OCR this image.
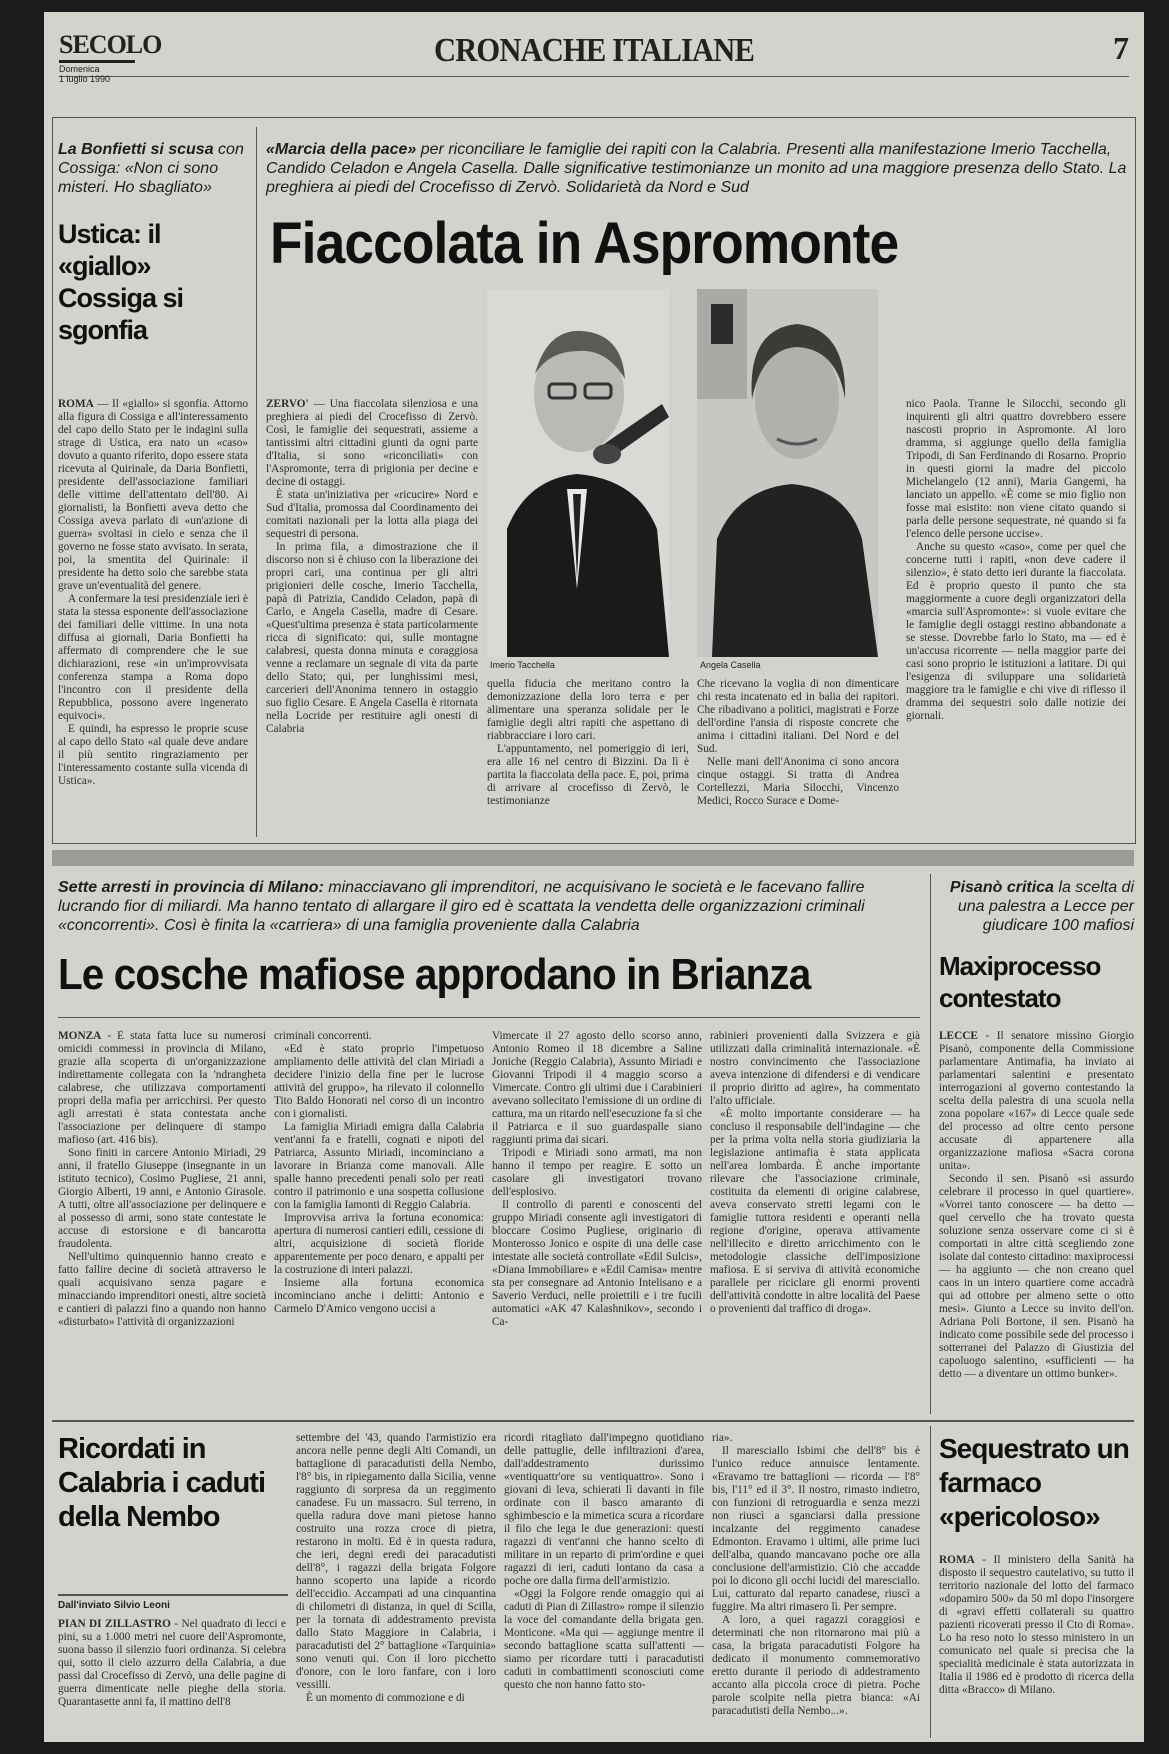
SECOLO
Domenica
1 luglio 1990
CRONACHE ITALIANE	7
La Bonfietti si scusa con Cossiga: «Non ci sono misteri. Ho sbagliato»
Ustica: il «giallo» Cossiga si sgonfia

ROMA — Il «giallo» si sgonfia. Attorno alla figura di Cossiga e all'interessamento del capo dello Stato per le indagini sulla strage di Ustica, era nato un «caso» dovuto a quanto riferito, dopo essere stata ricevuta al Quirinale, da Daria Bonfietti, presidente dell'associazione familiari delle vittime dell'attentato dell'80. Ai giornalisti, la Bonfietti aveva detto che Cossiga aveva parlato di «un'azione di guerra» svoltasi in cielo e senza che il governo ne fosse stato avvisato. In serata, poi, la smentita del Quirinale: il presidente ha detto solo che sarebbe stata grave un'eventualità del genere.

A confermare la tesi presidenziale ieri è stata la stessa esponente dell'associazione dei familiari delle vittime. In una nota diffusa ai giornali, Daria Bonfietti ha affermato di comprendere che le sue dichiarazioni, rese «in un'improvvisata conferenza stampa a Roma dopo l'incontro con il presidente della Repubblica, possono avere ingenerato equivoci».

E quindi, ha espresso le proprie scuse al capo dello Stato «al quale deve andare il più sentito ringraziamento per l'interessamento costante sulla vicenda di Ustica».

«Marcia della pace» per riconciliare le famiglie dei rapiti con la Calabria. Presenti alla manifestazione Imerio Tacchella, Candido Celadon e Angela Casella. Dalle significative testimonianze un monito ad una maggiore presenza dello Stato. La preghiera ai piedi del Crocefisso di Zervò. Solidarietà da Nord e Sud
Fiaccolata in Aspromonte
Imerio Tacchella	Angela Casella

ZERVO' — Una fiaccolata silenziosa e una preghiera ai piedi del Crocefisso di Zervò. Così, le famiglie dei sequestrati, assieme a tantissimi altri cittadini giunti da ogni parte d'Italia, si sono «riconciliati» con l'Aspromonte, terra di prigionia per decine e decine di ostaggi.

È stata un'iniziativa per «ricucire» Nord e Sud d'Italia, promossa dal Coordinamento dei comitati nazionali per la lotta alla piaga dei sequestri di persona.

In prima fila, a dimostrazione che il discorso non si è chiuso con la liberazione dei propri cari, una continua per gli altri prigionieri delle cosche, Imerio Tacchella, papà di Patrizia, Candido Celadon, papà di Carlo, e Angela Casella, madre di Cesare. «Quest'ultima presenza è stata particolarmente ricca di significato: qui, sulle montagne calabresi, questa donna minuta e coraggiosa venne a reclamare un segnale di vita da parte dello Stato; qui, per lunghissimi mesi, carcerieri dell'Anonima tennero in ostaggio suo figlio Cesare. E Angela Casella è ritornata nella Locride per restituire agli onesti di Calabria

quella fiducia che meritano contro la demonizzazione della loro terra e per alimentare una speranza solidale per le famiglie degli altri rapiti che aspettano di riabbracciare i loro cari.

L'appuntamento, nel pomeriggio di ieri, era alle 16 nel centro di Bizzini. Da lì è partita la fiaccolata della pace. E, poi, prima di arrivare al crocefisso di Zervò, le testimonianze

Che ricevano la voglia di non dimenticare chi resta incatenato ed in balia dei rapitori. Che ribadivano a politici, magistrati e Forze dell'ordine l'ansia di risposte concrete che anima i cittadini italiani. Del Nord e del Sud.

Nelle mani dell'Anonima ci sono ancora cinque ostaggi. Si tratta di Andrea Cortellezzi, Maria Silocchi, Vincenzo Medici, Rocco Surace e Dome-

nico Paola. Tranne le Silocchi, secondo gli inquirenti gli altri quattro dovrebbero essere nascosti proprio in Aspromonte. Al loro dramma, si aggiunge quello della famiglia Tripodi, di San Ferdinando di Rosarno. Proprio in questi giorni la madre del piccolo Michelangelo (12 anni), Maria Gangemi, ha lanciato un appello. «È come se mio figlio non fosse mai esistito: non viene citato quando si parla delle persone sequestrate, né quando si fa l'elenco delle persone uccise».

Anche su questo «caso», come per quel che concerne tutti i rapiti, «non deve cadere il silenzio», è stato detto ieri durante la fiaccolata. Ed è proprio questo il punto che sta maggiormente a cuore degli organizzatori della «marcia sull'Aspromonte»: si vuole evitare che le famiglie degli ostaggi restino abbandonate a se stesse. Dovrebbe farlo lo Stato, ma — ed è un'accusa ricorrente — nella maggior parte dei casi sono proprio le istituzioni a latitare. Di qui l'esigenza di sviluppare una solidarietà maggiore tra le famiglie e chi vive di riflesso il dramma dei sequestri solo dalle notizie dei giornali.

Sette arresti in provincia di Milano: minacciavano gli imprenditori, ne acquisivano le società e le facevano fallire lucrando fior di miliardi. Ma hanno tentato di allargare il giro ed è scattata la vendetta delle organizzazioni criminali «concorrenti». Così è finita la «carriera» di una famiglia proveniente dalla Calabria
Le cosche mafiose approdano in Brianza

MONZA - È stata fatta luce su numerosi omicidi commessi in provincia di Milano, grazie alla scoperta di un'organizzazione indirettamente collegata con la 'ndrangheta calabrese, che utilizzava comportamenti propri della mafia per arricchirsi. Per questo agli arrestati è stata contestata anche l'associazione per delinquere di stampo mafioso (art. 416 bis).

Sono finiti in carcere Antonio Miriadi, 29 anni, il fratello Giuseppe (insegnante in un istituto tecnico), Cosimo Pugliese, 21 anni, Giorgio Alberti, 19 anni, e Antonio Girasole. A tutti, oltre all'associazione per delinquere e al possesso di armi, sono state contestate le accuse di estorsione e di bancarotta fraudolenta.

Nell'ultimo quinquennio hanno creato e fatto fallire decine di società attraverso le quali acquisivano senza pagare e minacciando imprenditori onesti, altre società e cantieri di palazzi fino a quando non hanno «disturbato» l'attività di organizzazioni

criminali concorrenti.

«Ed è stato proprio l'impetuoso ampliamento delle attività del clan Miriadi a decidere l'inizio della fine per le lucrose attività del gruppo», ha rilevato il colonnello Tito Baldo Honorati nel corso di un incontro con i giornalisti.

La famiglia Miriadi emigra dalla Calabria vent'anni fa e fratelli, cognati e nipoti del Patriarca, Assunto Miriadi, incominciano a lavorare in Brianza come manovali. Alle spalle hanno precedenti penali solo per reati contro il patrimonio e una sospetta collusione con la famiglia Iamonti di Reggio Calabria.

Improvvisa arriva la fortuna economica: apertura di numerosi cantieri edili, cessione di altri, acquisizione di società floride apparentemente per poco denaro, e appalti per la costruzione di interi palazzi.

Insieme alla fortuna economica incominciano anche i delitti: Antonio e Carmelo D'Amico vengono uccisi a

Vimercate il 27 agosto dello scorso anno, Antonio Romeo il 18 dicembre a Saline Joniche (Reggio Calabria), Assunto Miriadi e Giovanni Tripodi il 4 maggio scorso a Vimercate. Contro gli ultimi due i Carabinieri avevano sollecitato l'emissione di un ordine di cattura, ma un ritardo nell'esecuzione fa sì che il Patriarca e il suo guardaspalle siano raggiunti prima dai sicari.

Tripodi e Miriadi sono armati, ma non hanno il tempo per reagire. E sotto un casolare gli investigatori trovano dell'esplosivo.

Il controllo di parenti e conoscenti del gruppo Miriadi consente agli investigatori di bloccare Cosimo Pugliese, originario di Monterosso Jonico e ospite di una delle case intestate alle società controllate «Edil Sulcis», «Diana Immobiliare» e «Edil Camisa» mentre sta per consegnare ad Antonio Intelisano e a Saverio Verduci, nelle proiettili e i tre fucili automatici «AK 47 Kalashnikov», secondo i Ca-

rabinieri provenienti dalla Svizzera e già utilizzati dalla criminalità internazionale. «È nostro convincimento che l'associazione aveva intenzione di difendersi e di vendicare il proprio diritto ad agire», ha commentato l'alto ufficiale.

«È molto importante considerare — ha concluso il responsabile dell'indagine — che per la prima volta nella storia giudiziaria la legislazione antimafia è stata applicata nell'area lombarda. È anche importante rilevare che l'associazione criminale, costituita da elementi di origine calabrese, aveva conservato stretti legami con le famiglie tuttora residenti e operanti nella regione d'origine, operava attivamente nell'illecito e diretto arricchimento con le metodologie classiche dell'imposizione mafiosa. E si serviva di attività economiche parallele per riciclare gli enormi proventi dell'attività condotte in altre località del Paese o provenienti dal traffico di droga».

Pisanò critica la scelta di una palestra a Lecce per giudicare 100 mafiosi
Maxiprocesso contestato

LECCE - Il senatore missino Giorgio Pisanò, componente della Commissione parlamentare Antimafia, ha inviato ai parlamentari salentini e presentato interrogazioni al governo contestando la scelta della palestra di una scuola nella zona popolare «167» di Lecce quale sede del processo ad oltre cento persone accusate di appartenere alla organizzazione mafiosa «Sacra corona unita».

Secondo il sen. Pisanò «si assurdo celebrare il processo in quel quartiere». «Vorrei tanto conoscere — ha detto — quel cervello che ha trovato questa soluzione senza osservare come ci si è comportati in altre città scegliendo zone isolate dal contesto cittadino: maxiprocessi — ha aggiunto — che non creano quel caos in un intero quartiere come accadrà qui ad ottobre per almeno sette o otto mesi». Giunto a Lecce su invito dell'on. Adriana Poli Bortone, il sen. Pisanò ha indicato come possibile sede del processo i sotterranei del Palazzo di Giustizia del capoluogo salentino, «sufficienti — ha detto — a diventare un ottimo bunker».

Ricordati in Calabria i caduti della Nembo
Dall'inviato Silvio Leoni

PIAN DI ZILLASTRO - Nel quadrato di lecci e pini, su a 1.000 metri nel cuore dell'Aspromonte, suona basso il silenzio fuori ordinanza. Si celebra qui, sotto il cielo azzurro della Calabria, a due passi dal Crocefisso di Zervò, una delle pagine di guerra dimenticate nelle pieghe della storia. Quarantasette anni fa, il mattino dell'8

settembre del '43, quando l'armistizio era ancora nelle penne degli Alti Comandi, un battaglione di paracadutisti della Nembo, l'8° bis, in ripiegamento dalla Sicilia, venne raggiunto di sorpresa da un reggimento canadese. Fu un massacro. Sul terreno, in quella radura dove mani pietose hanno costruito una rozza croce di pietra, restarono in molti. Ed è in questa radura, che ieri, degni eredi dei paracadutisti dell'8°, i ragazzi della brigata Folgore hanno scoperto una lapide a ricordo dell'eccidio. Accampati ad una cinquantina di chilometri di distanza, in quel di Scilla, per la tornata di addestramento prevista dallo Stato Maggiore in Calabria, i paracadutisti del 2° battaglione «Tarquinia» sono venuti qui. Con il loro picchetto d'onore, con le loro fanfare, con i loro vessilli.

È un momento di commozione e di

ricordi ritagliato dall'impegno quotidiano delle pattuglie, delle infiltrazioni d'area, dall'addestramento durissimo «ventiquattr'ore su ventiquattro». Sono i giovani di leva, schierati lì davanti in file ordinate con il basco amaranto di sghimbescio e la mimetica scura a ricordare il filo che lega le due generazioni: questi ragazzi di vent'anni che hanno scelto di militare in un reparto di prim'ordine e quei ragazzi di ieri, caduti lontano da casa a poche ore dalla firma dell'armistizio.

«Oggi la Folgore rende omaggio qui ai caduti di Pian di Zillastro» rompe il silenzio la voce del comandante della brigata gen. Monticone. «Ma qui — aggiunge mentre il secondo battaglione scatta sull'attenti — siamo per ricordare tutti i paracadutisti caduti in combattimenti sconosciuti come questo che non hanno fatto sto-

ria».

Il maresciallo Isbimi che dell'8° bis è l'unico reduce annuisce lentamente. «Eravamo tre battaglioni — ricorda — l'8° bis, l'11° ed il 3°. Il nostro, rimasto indietro, con funzioni di retroguardia e senza mezzi non riuscì a sganciarsi dalla pressione incalzante del reggimento canadese Edmonton. Eravamo i ultimi, alle prime luci dell'alba, quando mancavano poche ore alla conclusione dell'armistizio. Ciò che accadde poi lo dicono gli occhi lucidi del maresciallo. Lui, catturato dal reparto canadese, riuscì a fuggire. Ma altri rimasero lì. Per sempre.

A loro, a quei ragazzi coraggiosi e determinati che non ritornarono mai più a casa, la brigata paracadutisti Folgore ha dedicato il monumento commemorativo eretto durante il periodo di addestramento accanto alla piccola croce di pietra. Poche parole scolpite nella pietra bianca: «Ai paracadutisti della Nembo...».

Sequestrato un farmaco «pericoloso»

ROMA - Il ministero della Sanità ha disposto il sequestro cautelativo, su tutto il territorio nazionale del lotto del farmaco «dopamiro 500» da 50 ml dopo l'insorgere di «gravi effetti collaterali su quattro pazienti ricoverati presso il Cto di Roma». Lo ha reso noto lo stesso ministero in un comunicato nel quale si precisa che la specialità medicinale è stata autorizzata in Italia il 1986 ed è prodotto di ricerca della ditta «Bracco» di Milano.
